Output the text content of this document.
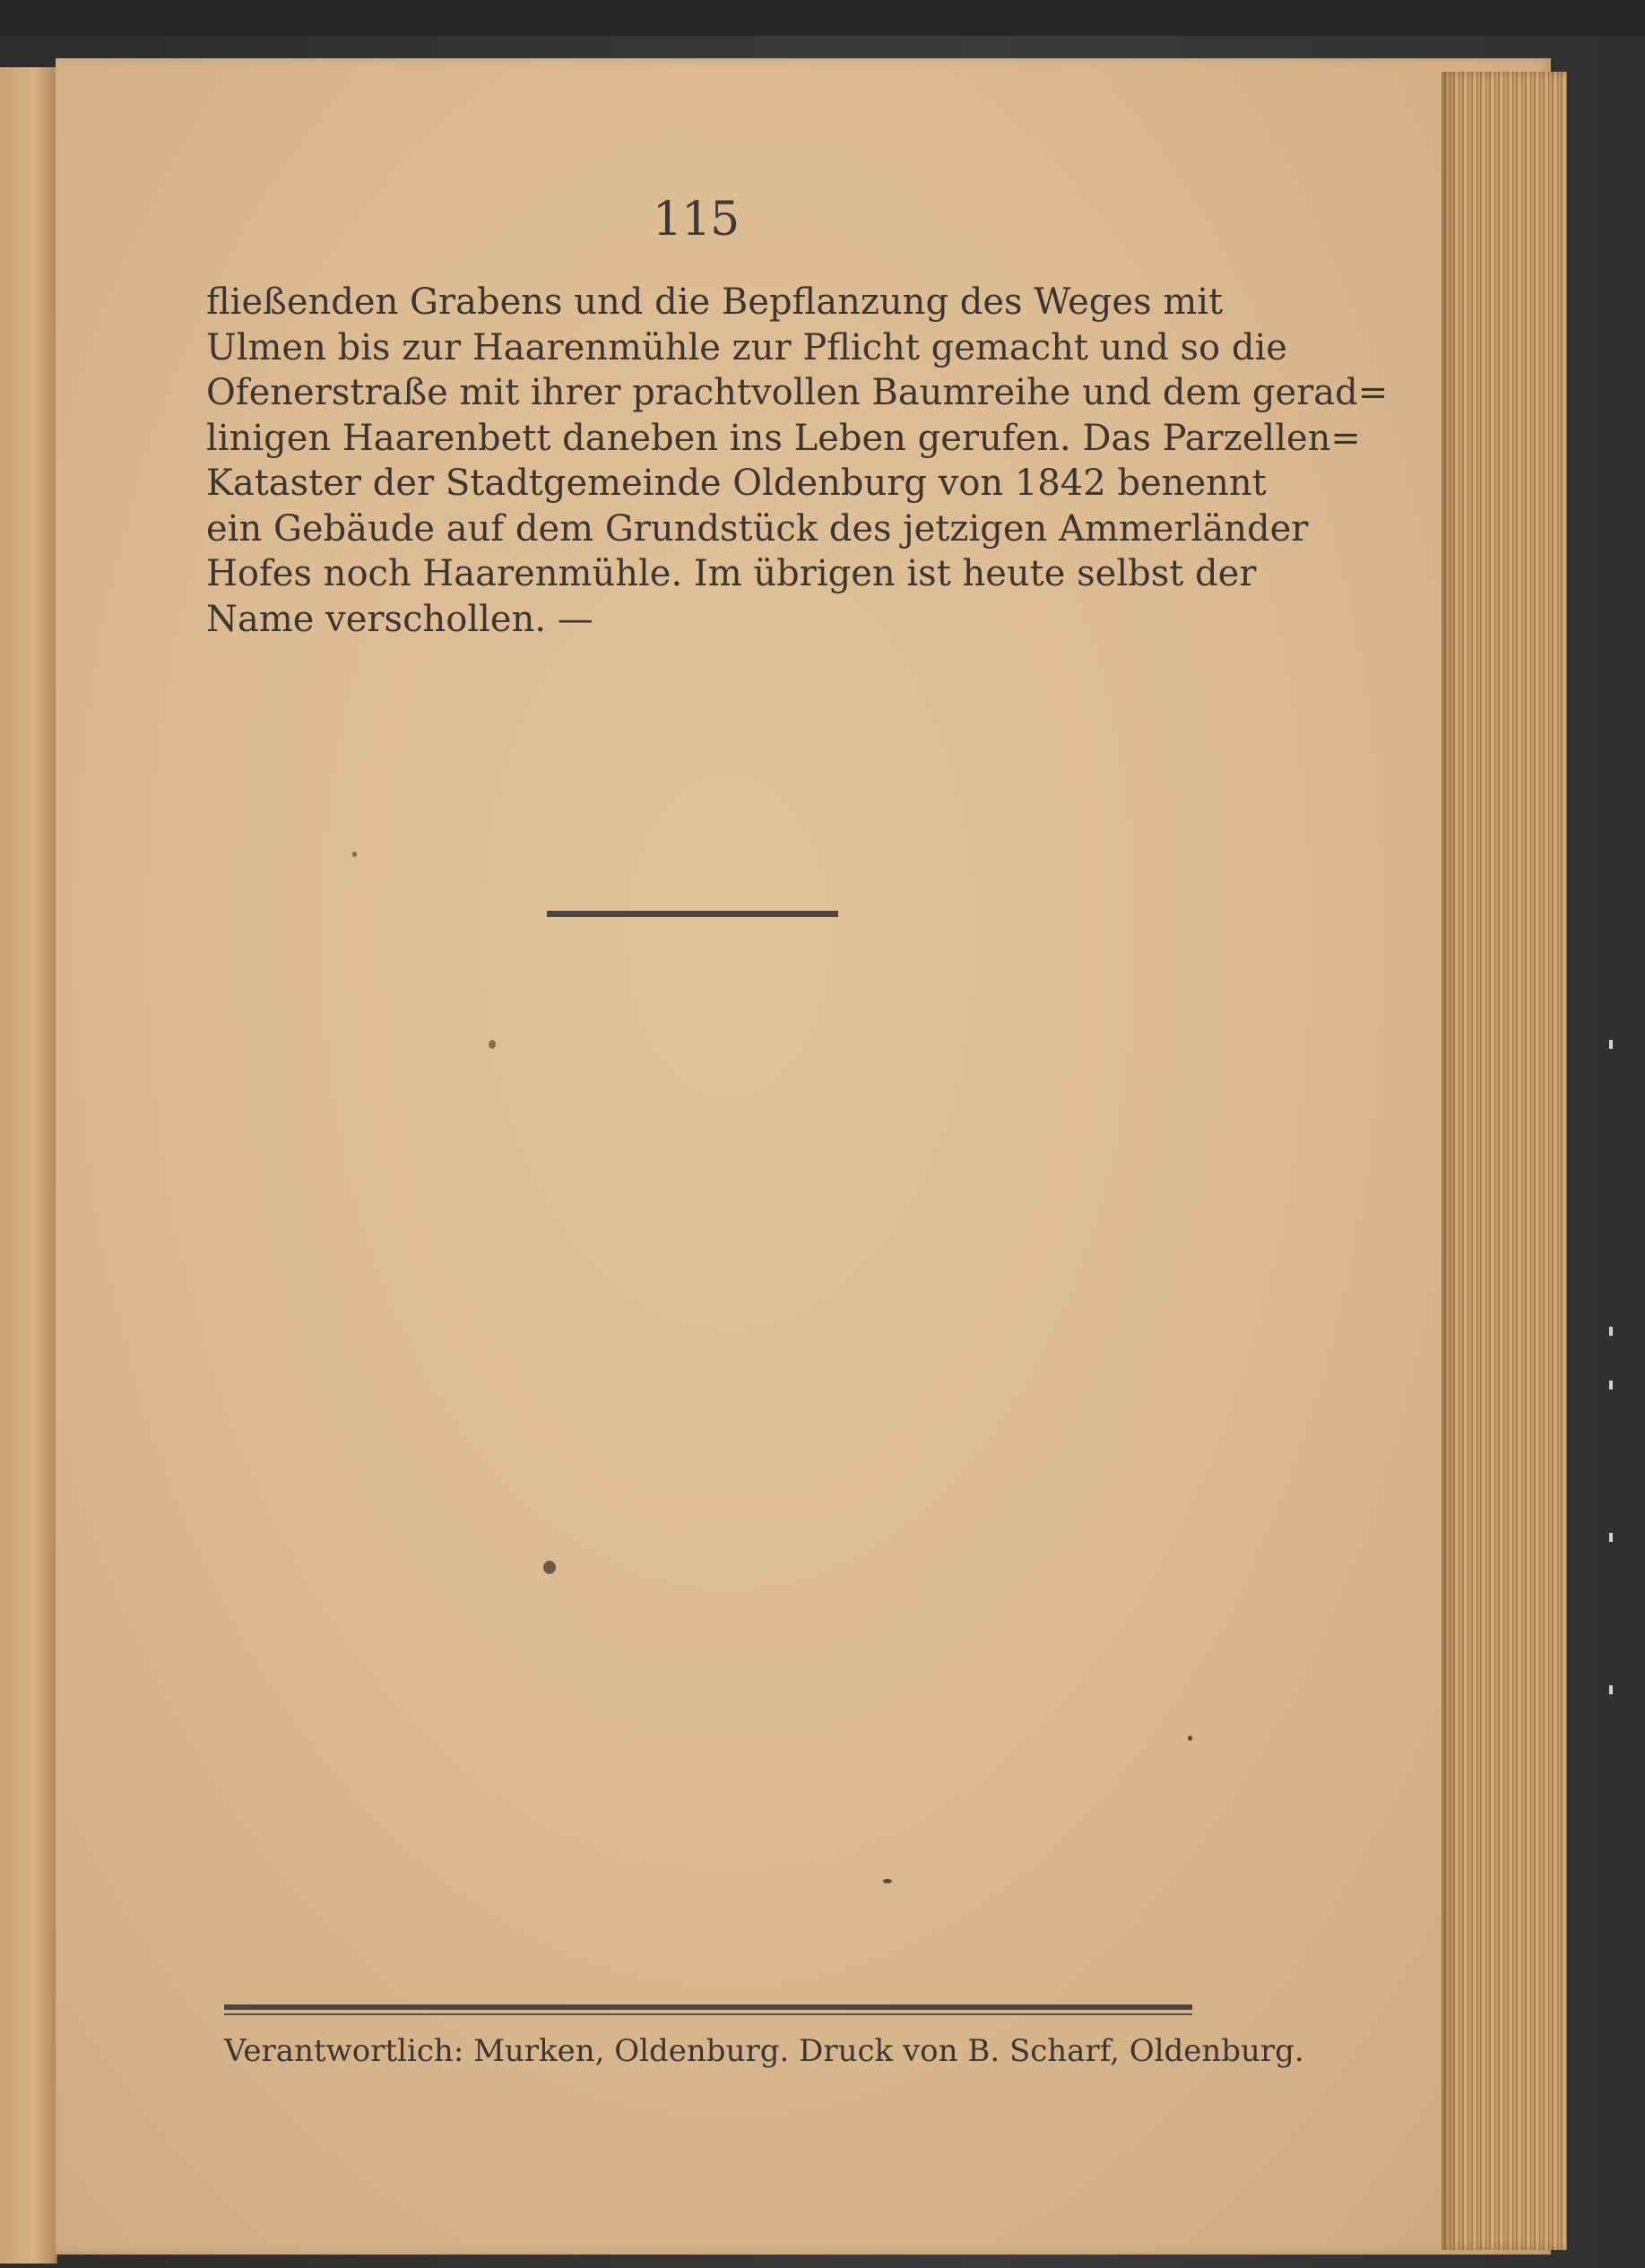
115

fließenden Grabens und die Bepflanzung des Weges mit
Ulmen bis zur Haarenmühle zur Pflicht gemacht und so die
Ofenerstraße mit ihrer prachtvollen Baumreihe und dem gerad=
linigen Haarenbett daneben ins Leben gerufen. Das Parzellen=
Kataster der Stadtgemeinde Oldenburg von 1842 benennt
ein Gebäude auf dem Grundstück des jetzigen Ammerländer
Hofes noch Haarenmühle. Im übrigen ist heute selbst der
Name verschollen. —

Verantwortlich: Murken, Oldenburg. Druck von B. Scharf, Oldenburg.
